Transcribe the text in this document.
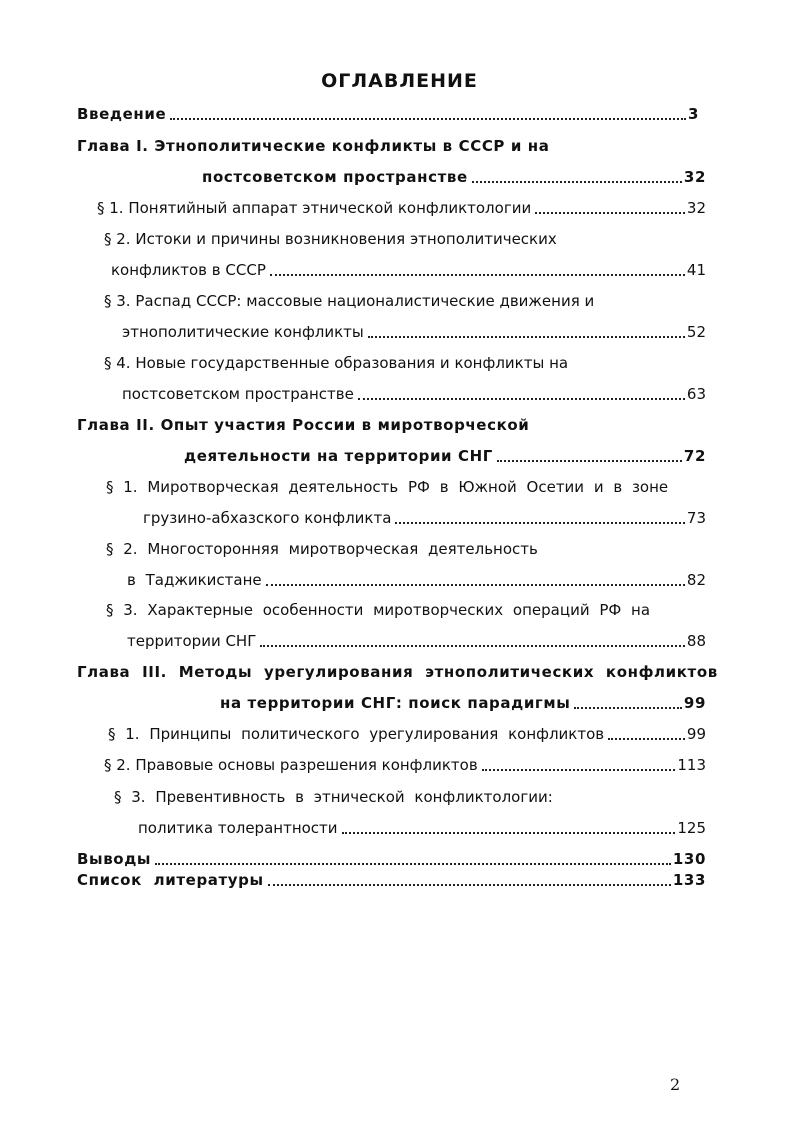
ОГЛАВЛЕНИЕ
Введение	3
Глава I. Этнополитические конфликты в СССР и на
постсоветском пространстве	32
§ 1. Понятийный аппарат этнической конфликтологии	32
§ 2. Истоки и причины возникновения этнополитических
конфликтов в СССР	41
§ 3. Распад СССР: массовые националистические движения и
этнополитические конфликты	52
§ 4. Новые государственные образования и конфликты на
постсоветском пространстве	63
Глава II. Опыт участия России в миротворческой
деятельности на территории СНГ	72
§ 1. Миротворческая деятельность РФ в Южной Осетии и в зоне
грузино-абхазского конфликта	73
§ 2. Многосторонняя миротворческая деятельность
в Таджикистане	82
§ 3. Характерные особенности миротворческих операций РФ на
территории СНГ	88
Глава III. Методы урегулирования этнополитических конфликтов
на территории СНГ: поиск парадигмы	99
§ 1. Принципы политического урегулирования конфликтов	99
§ 2. Правовые основы разрешения конфликтов	113
§ 3. Превентивность в этнической конфликтологии:
политика толерантности	125
Выводы	130
Список литературы	133
2
